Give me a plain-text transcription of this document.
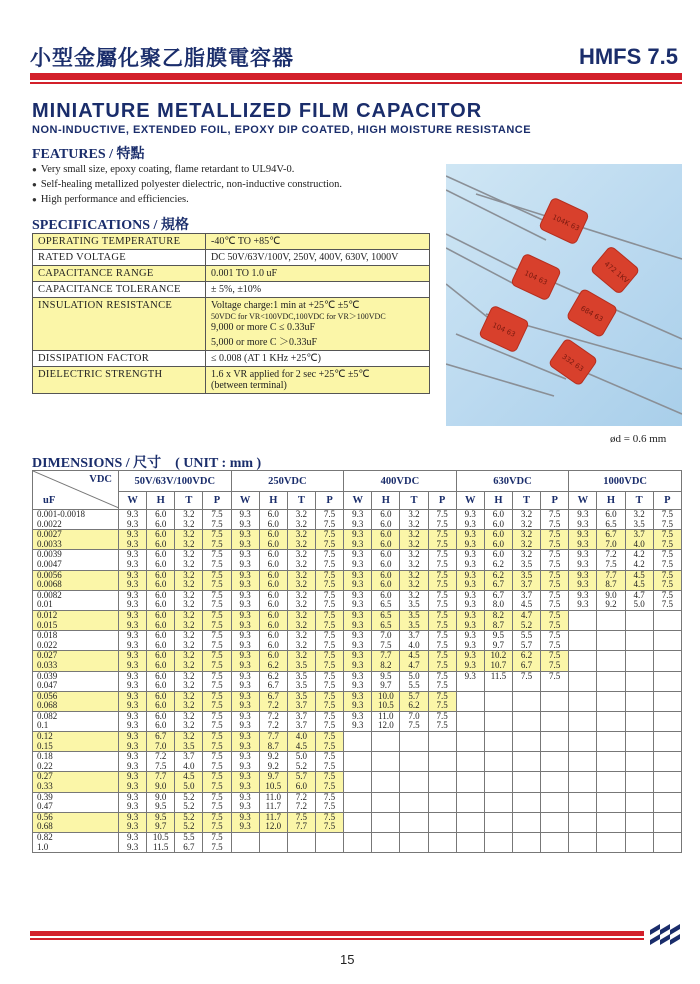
小型金屬化聚乙脂膜電容器	HMFS 7.5
MINIATURE METALLIZED FILM CAPACITOR
NON-INDUCTIVE, EXTENDED FOIL, EPOXY DIP COATED, HIGH MOISTURE RESISTANCE
FEATURES / 特點
● Very small size, epoxy coating, flame retardant to UL94V-0.
● Self-healing metallized polyester dielectric, non-inductive construction.
● High performance and efficiencies.
SPECIFICATIONS / 規格
OPERATING TEMPERATURE	-40℃ TO +85℃
RATED VOLTAGE	DC 50V/63V/100V, 250V, 400V, 630V, 1000V
CAPACITANCE RANGE	0.001 TO 1.0 uF
CAPACITANCE TOLERANCE	± 5%, ±10%
INSULATION RESISTANCE	Voltage charge:1 min at +25℃ ±5℃
50VDC for VR<100VDC,100VDC for VR＞100VDC
9,000 or more C ≤ 0.33uF
5,000 or more C ＞0.33uF

DISSIPATION FACTOR	≤ 0.008 (AT 1 KHz +25℃)
DIELECTRIC STRENGTH	1.6 x VR applied for 2 sec +25℃ ±5℃
(between terminal)
104K 63
104 63	472 1KV
684 63
104 63
332 63
ød = 0.6 mm
DIMENSIONS / 尺寸 ( UNIT : mm )
VDC
uF	50V/63V/100VDC				250VDC				400VDC				630VDC				1000VDC			
	W	H	T	P	W	H	T	P	W	H	T	P	W	H	T	P	W	H	T	P
0.001-0.0018	9.3	6.0	3.2	7.5	9.3	6.0	3.2	7.5	9.3	6.0	3.2	7.5	9.3	6.0	3.2	7.5	9.3	6.0	3.2	7.5
0.0022	9.3	6.0	3.2	7.5	9.3	6.0	3.2	7.5	9.3	6.0	3.2	7.5	9.3	6.0	3.2	7.5	9.3	6.5	3.5	7.5
0.0027	9.3	6.0	3.2	7.5	9.3	6.0	3.2	7.5	9.3	6.0	3.2	7.5	9.3	6.0	3.2	7.5	9.3	6.7	3.7	7.5
0.0033	9.3	6.0	3.2	7.5	9.3	6.0	3.2	7.5	9.3	6.0	3.2	7.5	9.3	6.0	3.2	7.5	9.3	7.0	4.0	7.5
0.0039	9.3	6.0	3.2	7.5	9.3	6.0	3.2	7.5	9.3	6.0	3.2	7.5	9.3	6.0	3.2	7.5	9.3	7.2	4.2	7.5
0.0047	9.3	6.0	3.2	7.5	9.3	6.0	3.2	7.5	9.3	6.0	3.2	7.5	9.3	6.2	3.5	7.5	9.3	7.5	4.2	7.5
0.0056	9.3	6.0	3.2	7.5	9.3	6.0	3.2	7.5	9.3	6.0	3.2	7.5	9.3	6.2	3.5	7.5	9.3	7.7	4.5	7.5
0.0068	9.3	6.0	3.2	7.5	9.3	6.0	3.2	7.5	9.3	6.0	3.2	7.5	9.3	6.7	3.7	7.5	9.3	8.7	4.5	7.5
0.0082	9.3	6.0	3.2	7.5	9.3	6.0	3.2	7.5	9.3	6.0	3.2	7.5	9.3	6.7	3.7	7.5	9.3	9.0	4.7	7.5
0.01	9.3	6.0	3.2	7.5	9.3	6.0	3.2	7.5	9.3	6.5	3.5	7.5	9.3	8.0	4.5	7.5	9.3	9.2	5.0	7.5
0.012	9.3	6.0	3.2	7.5	9.3	6.0	3.2	7.5	9.3	6.5	3.5	7.5	9.3	8.2	4.7	7.5				
0.015	9.3	6.0	3.2	7.5	9.3	6.0	3.2	7.5	9.3	6.5	3.5	7.5	9.3	8.7	5.2	7.5				
0.018	9.3	6.0	3.2	7.5	9.3	6.0	3.2	7.5	9.3	7.0	3.7	7.5	9.3	9.5	5.5	7.5				
0.022	9.3	6.0	3.2	7.5	9.3	6.0	3.2	7.5	9.3	7.5	4.0	7.5	9.3	9.7	5.7	7.5				
0.027	9.3	6.0	3.2	7.5	9.3	6.0	3.2	7.5	9.3	7.7	4.5	7.5	9.3	10.2	6.2	7.5				
0.033	9.3	6.0	3.2	7.5	9.3	6.2	3.5	7.5	9.3	8.2	4.7	7.5	9.3	10.7	6.7	7.5				
0.039	9.3	6.0	3.2	7.5	9.3	6.2	3.5	7.5	9.3	9.5	5.0	7.5	9.3	11.5	7.5	7.5				
0.047	9.3	6.0	3.2	7.5	9.3	6.7	3.5	7.5	9.3	9.7	5.5	7.5								
0.056	9.3	6.0	3.2	7.5	9.3	6.7	3.5	7.5	9.3	10.0	5.7	7.5								
0.068	9.3	6.0	3.2	7.5	9.3	7.2	3.7	7.5	9.3	10.5	6.2	7.5								
0.082	9.3	6.0	3.2	7.5	9.3	7.2	3.7	7.5	9.3	11.0	7.0	7.5								
0.1	9.3	6.0	3.2	7.5	9.3	7.2	3.7	7.5	9.3	12.0	7.5	7.5								
0.12	9.3	6.7	3.2	7.5	9.3	7.7	4.0	7.5												
0.15	9.3	7.0	3.5	7.5	9.3	8.7	4.5	7.5												
0.18	9.3	7.2	3.7	7.5	9.3	9.2	5.0	7.5												
0.22	9.3	7.5	4.0	7.5	9.3	9.2	5.2	7.5												
0.27	9.3	7.7	4.5	7.5	9.3	9.7	5.7	7.5												
0.33	9.3	9.0	5.0	7.5	9.3	10.5	6.0	7.5												
0.39	9.3	9.0	5.2	7.5	9.3	11.0	7.2	7.5												
0.47	9.3	9.5	5.2	7.5	9.3	11.7	7.2	7.5												
0.56	9.3	9.5	5.2	7.5	9.3	11.7	7.5	7.5												
0.68	9.3	9.7	5.2	7.5	9.3	12.0	7.7	7.5												
0.82	9.3	10.5	5.5	7.5																
1.0	9.3	11.5	6.7	7.5																
15
